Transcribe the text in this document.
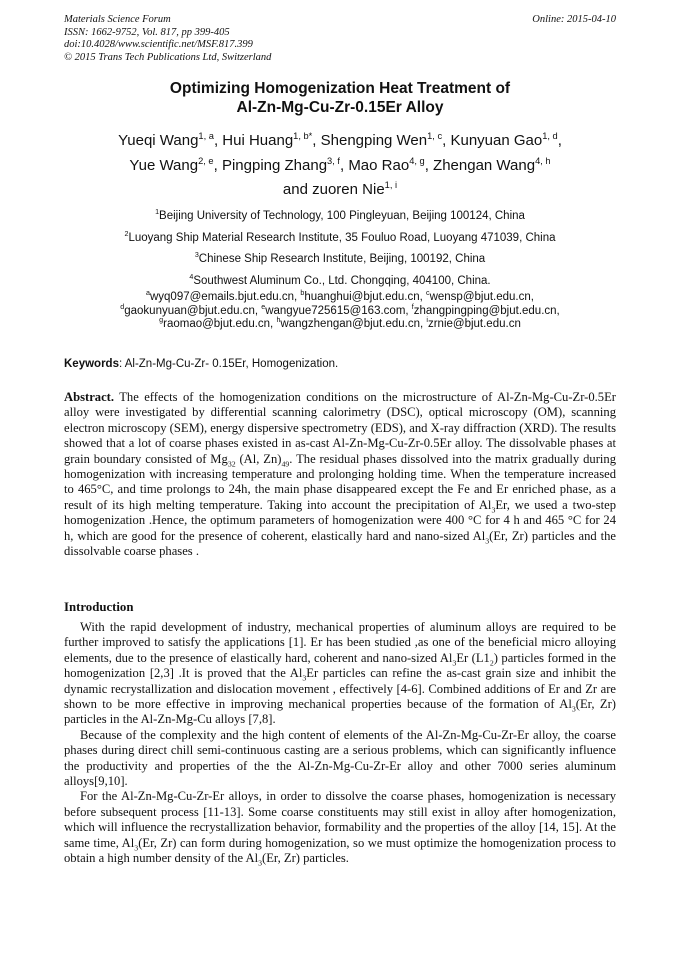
Materials Science Forum
ISSN: 1662-9752, Vol. 817, pp 399-405
doi:10.4028/www.scientific.net/MSF.817.399
© 2015 Trans Tech Publications Ltd, Switzerland
Online: 2015-04-10
Optimizing Homogenization Heat Treatment of
Al-Zn-Mg-Cu-Zr-0.15Er Alloy
Yueqi Wang$^{1, a}$, Hui Huang$^{1, b*}$, Shengping Wen$^{1, c}$, Kunyuan Gao$^{1, d}$,
Yue Wang$^{2, e}$, Pingping Zhang$^{3, f}$, Mao Rao$^{4, g}$, Zhengan Wang$^{4, h}$
and zuoren Nie$^{1, i}$
$^1$Beijing University of Technology, 100 Pingleyuan, Beijing 100124, China
$^2$Luoyang Ship Material Research Institute, 35 Fouluo Road, Luoyang 471039, China
$^3$Chinese Ship Research Institute, Beijing, 100192, China
$^4$Southwest Aluminum Co., Ltd. Chongqing, 404100, China.
$^a$wyq097@emails.bjut.edu.cn, $^b$huanghui@bjut.edu.cn, $^c$wensp@bjut.edu.cn,
$^d$gaokunyuan@bjut.edu.cn, $^e$wangyue725615@163.com, $^f$zhangpingping@bjut.edu.cn,
$^g$raomao@bjut.edu.cn, $^h$wangzhengan@bjut.edu.cn, $^i$zrnie@bjut.edu.cn
Keywords: Al-Zn-Mg-Cu-Zr- 0.15Er, Homogenization.
Abstract. The effects of the homogenization conditions on the microstructure of Al-Zn-Mg-Cu-Zr-0.5Er alloy were investigated by differential scanning calorimetry (DSC), optical microscopy (OM), scanning electron microscopy (SEM), energy dispersive spectrometry (EDS), and X-ray diffraction (XRD). The results showed that a lot of coarse phases existed in as-cast Al-Zn-Mg-Cu-Zr-0.5Er alloy. The dissolvable phases at grain boundary consisted of $Mg_{32}$ (Al, $Zn)_{49}$. The residual phases dissolved into the matrix gradually during homogenization with increasing temperature and prolonging holding time. When the temperature increased to 465°C, and time prolongs to 24h, the main phase disappeared except the Fe and Er enriched phase, as a result of its high melting temperature. Taking into account the precipitation of $Al_3Er$, we used a two-step homogenization .Hence, the optimum parameters of homogenization were 400 °C for 4 h and 465 °C for 24 h, which are good for the presence of coherent, elastically hard and nano-sized $Al_3(Er$, Zr) particles and the dissolvable coarse phases .
Introduction

With the rapid development of industry, mechanical properties of aluminum alloys are required to be further improved to satisfy the applications [1]. Er has been studied ,as one of the beneficial micro alloying elements, due to the presence of elastically hard, coherent and nano-sized $Al_3Er$ $(L1_2)$ particles formed in the homogenization [2,3] .It is proved that the $Al_3Er$ particles can refine the as-cast grain size and inhibit the dynamic recrystallization and dislocation movement , effectively [4-6]. Combined additions of Er and Zr are shown to be more effective in improving mechanical properties because of the formation of $Al_3(Er$, Zr) particles in the Al-Zn-Mg-Cu alloys [7,8].

Because of the complexity and the high content of elements of the Al-Zn-Mg-Cu-Zr-Er alloy, the coarse phases during direct chill semi-continuous casting are a serious problems, which can significantly influence the productivity and properties of the the Al-Zn-Mg-Cu-Zr-Er alloy and other 7000 series aluminum alloys[9,10].

For the Al-Zn-Mg-Cu-Zr-Er alloys, in order to dissolve the coarse phases, homogenization is necessary before subsequent process [11-13]. Some coarse constituents may still exist in alloy after homogenization, which will influence the recrystallization behavior, formability and the properties of the alloy [14, 15]. At the same time, $Al_3(Er$, Zr) can form during homogenization, so we must optimize the homogenization process to obtain a high number density of the $Al_3(Er$, Zr) particles.
